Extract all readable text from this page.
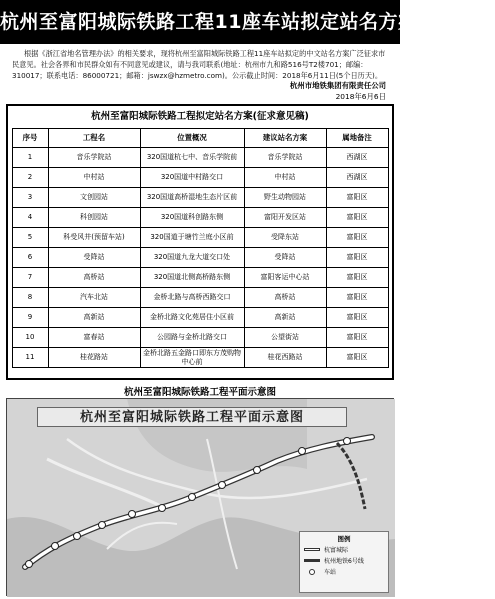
杭州至富阳城际铁路工程11座车站拟定站名方案征求意见

根据《浙江省地名管理办法》的相关要求，现将杭州至富阳城际铁路工程11座车站拟定的中文站名方案广泛征求市民意见。社会各界和市民群众如有不同意见或建议，请与我司联系(地址：杭州市九和路516号T2楼701；邮编：310017；联系电话：86000721；邮箱：jswzx@hzmetro.com)。公示截止时间：2018年6月11日(5个日历天)。

杭州市地铁集团有限责任公司
2018年6月6日
杭州至富阳城际铁路工程拟定站名方案(征求意见稿)
序号	工程名	位置概况	建议站名方案	属地备注
1	音乐学院站	320国道杭七中、音乐学院前	音乐学院站	西湖区
2	中村站	320国道中村路交口	中村站	西湖区
3	文创园站	320国道高桥湿地生态片区前	野生动物园站	富阳区
4	科创园站	320国道科创路东侧	富阳开发区站	富阳区
5	科受风井(预留车站)	320国道于塘竹兰庭小区前	受降东站	富阳区
6	受降站	320国道九龙大道交口处	受降站	富阳区
7	高桥站	320国道北侧高桥路东侧	富阳客运中心站	富阳区
8	汽车北站	金桥北路与高桥西路交口	高桥站	富阳区
9	高新站	金桥北路文化苑居住小区前	高新站	富阳区
10	富春站	公园路与金桥北路交口	公望街站	富阳区
11	桂花路站	金桥北路五金路口即东方茂购物中心前	桂花西路站	富阳区
杭州至富阳城际铁路工程平面示意图
杭州至富阳城际铁路工程平面示意图
图例
杭富城际
杭州地铁6号线
车站
